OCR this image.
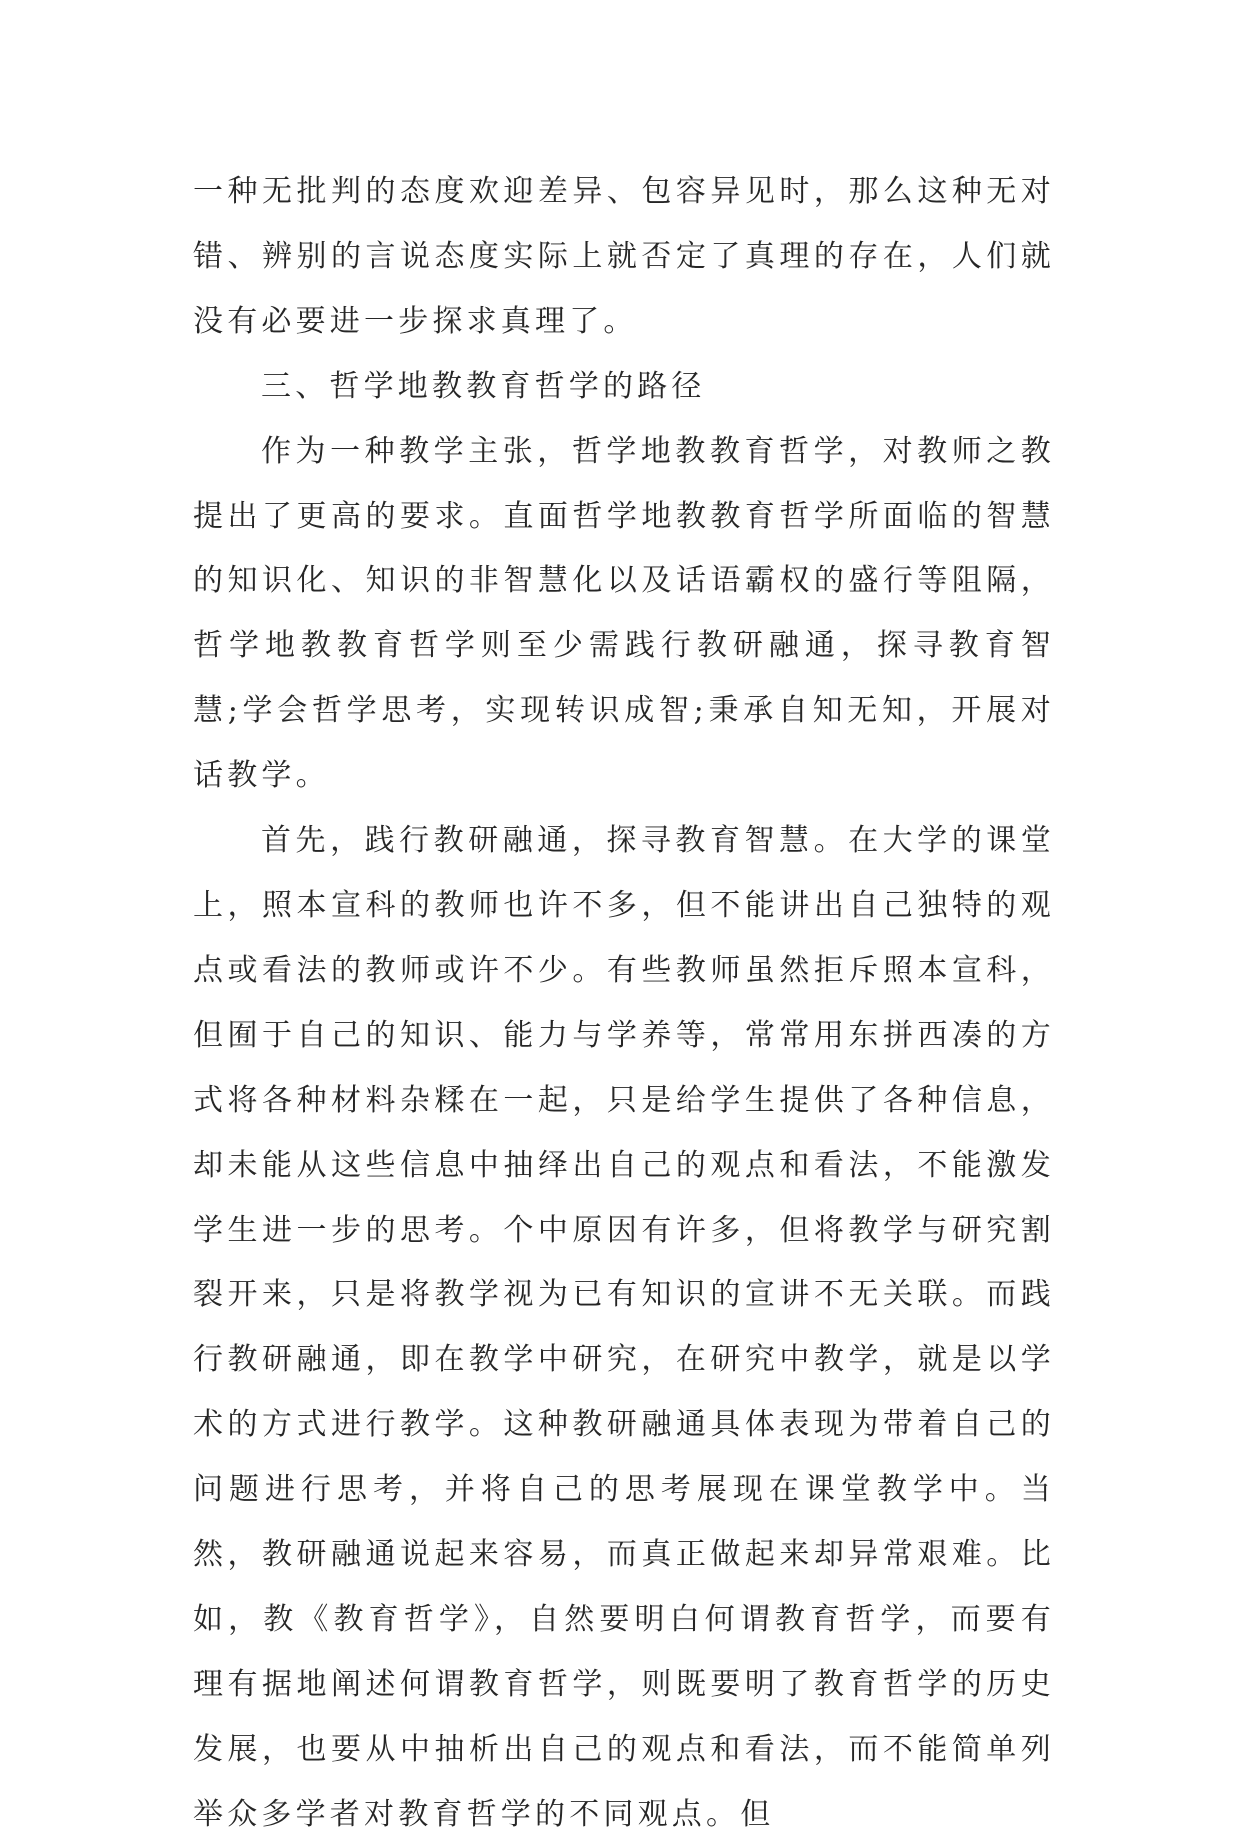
一种无批判的态度欢迎差异、包容异见时，那么这种无对错、辨别的言说态度实际上就否定了真理的存在，人们就没有必要进一步探求真理了。

三、哲学地教教育哲学的路径

作为一种教学主张，哲学地教教育哲学，对教师之教提出了更高的要求。直面哲学地教教育哲学所面临的智慧的知识化、知识的非智慧化以及话语霸权的盛行等阻隔，哲学地教教育哲学则至少需践行教研融通，探寻教育智慧;学会哲学思考，实现转识成智;秉承自知无知，开展对话教学。

首先，践行教研融通，探寻教育智慧。在大学的课堂上，照本宣科的教师也许不多，但不能讲出自己独特的观点或看法的教师或许不少。有些教师虽然拒斥照本宣科，但囿于自己的知识、能力与学养等，常常用东拼西凑的方式将各种材料杂糅在一起，只是给学生提供了各种信息，却未能从这些信息中抽绎出自己的观点和看法，不能激发学生进一步的思考。个中原因有许多，但将教学与研究割裂开来，只是将教学视为已有知识的宣讲不无关联。而践行教研融通，即在教学中研究，在研究中教学，就是以学术的方式进行教学。这种教研融通具体表现为带着自己的问题进行思考，并将自己的思考展现在课堂教学中。当然，教研融通说起来容易，而真正做起来却异常艰难。比如，教《教育哲学》，自然要明白何谓教育哲学，而要有理有据地阐述何谓教育哲学，则既要明了教育哲学的历史发展，也要从中抽析出自己的观点和看法，而不能简单列举众多学者对教育哲学的不同观点。但
